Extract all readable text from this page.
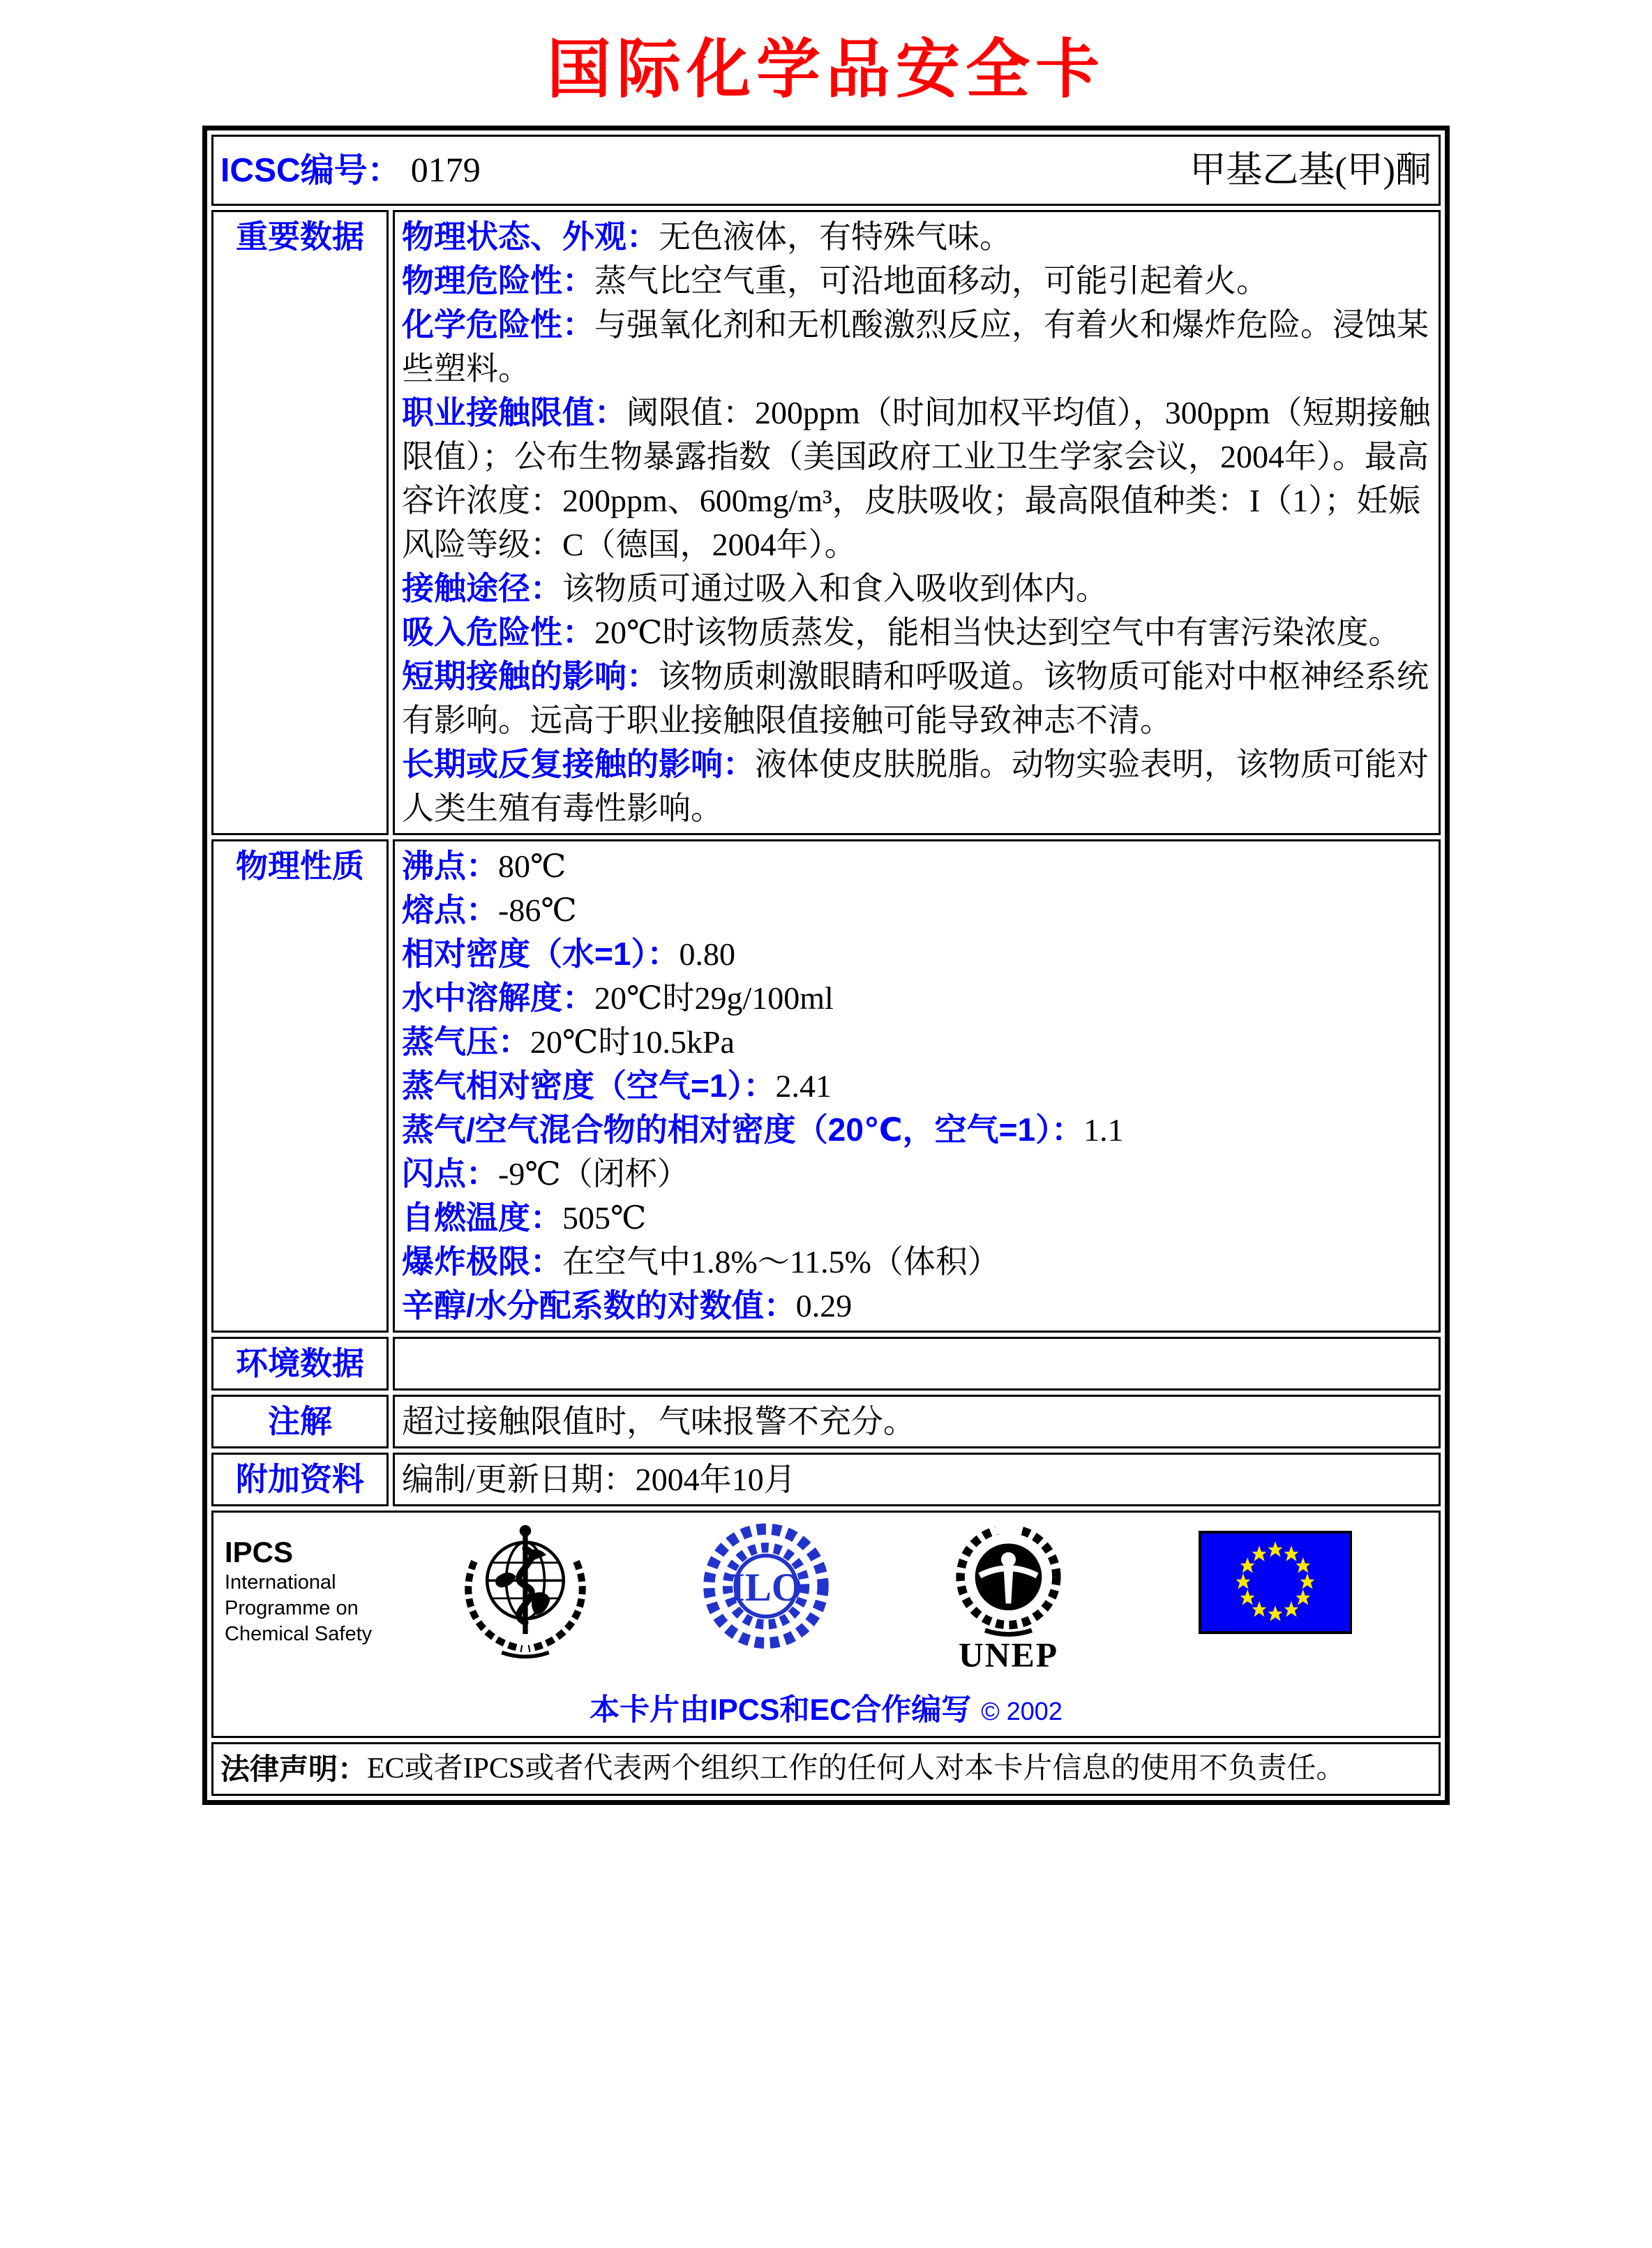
国际化学品安全卡
ICSC编号： 0179 甲基乙基(甲)酮	

重要数据	物理状态、外观：无色液体，有特殊气味。

物理危险性：蒸气比空气重，可沿地面移动，可能引起着火。

化学危险性：与强氧化剂和无机酸激烈反应，有着火和爆炸危险。浸蚀某些塑料。

职业接触限值：阈限值：200ppm（时间加权平均值），300ppm（短期接触限值）；公布生物暴露指数（美国政府工业卫生学家会议，2004年）。最高容许浓度：200ppm、600mg/m³，皮肤吸收；最高限值种类：I（1）；妊娠风险等级：C（德国，2004年）。

接触途径：该物质可通过吸入和食入吸收到体内。

吸入危险性：20℃时该物质蒸发，能相当快达到空气中有害污染浓度。

短期接触的影响：该物质刺激眼睛和呼吸道。该物质可能对中枢神经系统有影响。远高于职业接触限值接触可能导致神志不清。

长期或反复接触的影响：液体使皮肤脱脂。动物实验表明，该物质可能对人类生殖有毒性影响。

物理性质	沸点：80℃

熔点：-86℃

相对密度（水=1）：0.80

水中溶解度：20℃时29g/100ml

蒸气压：20℃时10.5kPa

蒸气相对密度（空气=1）：2.41

蒸气/空气混合物的相对密度（20℃，空气=1）：1.1

闪点：-9℃（闭杯）

自燃温度：505℃

爆炸极限：在空气中1.8%～11.5%（体积）

辛醇/水分配系数的对数值：0.29

环境数据	
注解	超过接触限值时，气味报警不充分。
附加资料	编制/更新日期：2004年10月

IPCS
International
Programme on
Chemical Safety
ILO
UNEP
本卡片由IPCS和EC合作编写 © 2002

法律声明： EC或者IPCS或者代表两个组织工作的任何人对本卡片信息的使用不负责任。	
